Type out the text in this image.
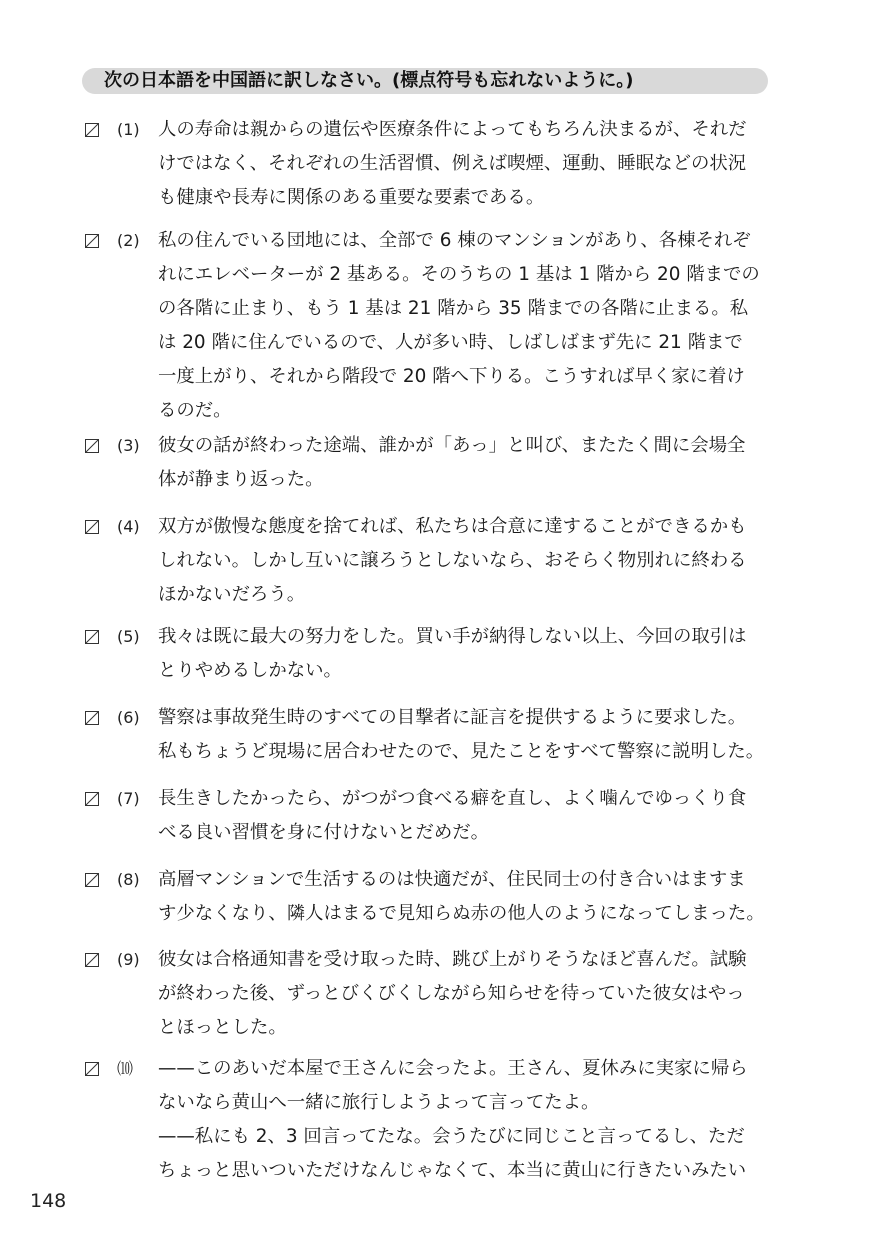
次の日本語を中国語に訳しなさい。(標点符号も忘れないように。)
(1) 人の寿命は親からの遺伝や医療条件によってもちろん決まるが、それだ
けではなく、それぞれの生活習慣、例えば喫煙、運動、睡眠などの状況
も健康や長寿に関係のある重要な要素である。
(2) 私の住んでいる団地には、全部で 6 棟のマンションがあり、各棟それぞ
れにエレベーターが 2 基ある。そのうちの 1 基は 1 階から 20 階までの
の各階に止まり、もう 1 基は 21 階から 35 階までの各階に止まる。私
は 20 階に住んでいるので、人が多い時、しばしばまず先に 21 階まで
一度上がり、それから階段で 20 階へ下りる。こうすれば早く家に着け
るのだ。
(3) 彼女の話が終わった途端、誰かが「あっ」と叫び、またたく間に会場全
体が静まり返った。
(4) 双方が傲慢な態度を捨てれば、私たちは合意に達することができるかも
しれない。しかし互いに譲ろうとしないなら、おそらく物別れに終わる
ほかないだろう。
(5) 我々は既に最大の努力をした。買い手が納得しない以上、今回の取引は
とりやめるしかない。
(6) 警察は事故発生時のすべての目撃者に証言を提供するように要求した。
私もちょうど現場に居合わせたので、見たことをすべて警察に説明した。
(7) 長生きしたかったら、がつがつ食べる癖を直し、よく噛んでゆっくり食
べる良い習慣を身に付けないとだめだ。
(8) 高層マンションで生活するのは快適だが、住民同士の付き合いはますま
す少なくなり、隣人はまるで見知らぬ赤の他人のようになってしまった。
(9) 彼女は合格通知書を受け取った時、跳び上がりそうなほど喜んだ。試験
が終わった後、ずっとびくびくしながら知らせを待っていた彼女はやっ
とほっとした。
⑽ ——このあいだ本屋で王さんに会ったよ。王さん、夏休みに実家に帰ら
ないなら黄山へ一緒に旅行しようよって言ってたよ。
——私にも 2、3 回言ってたな。会うたびに同じこと言ってるし、ただ
ちょっと思いついただけなんじゃなくて、本当に黄山に行きたいみたい
148
